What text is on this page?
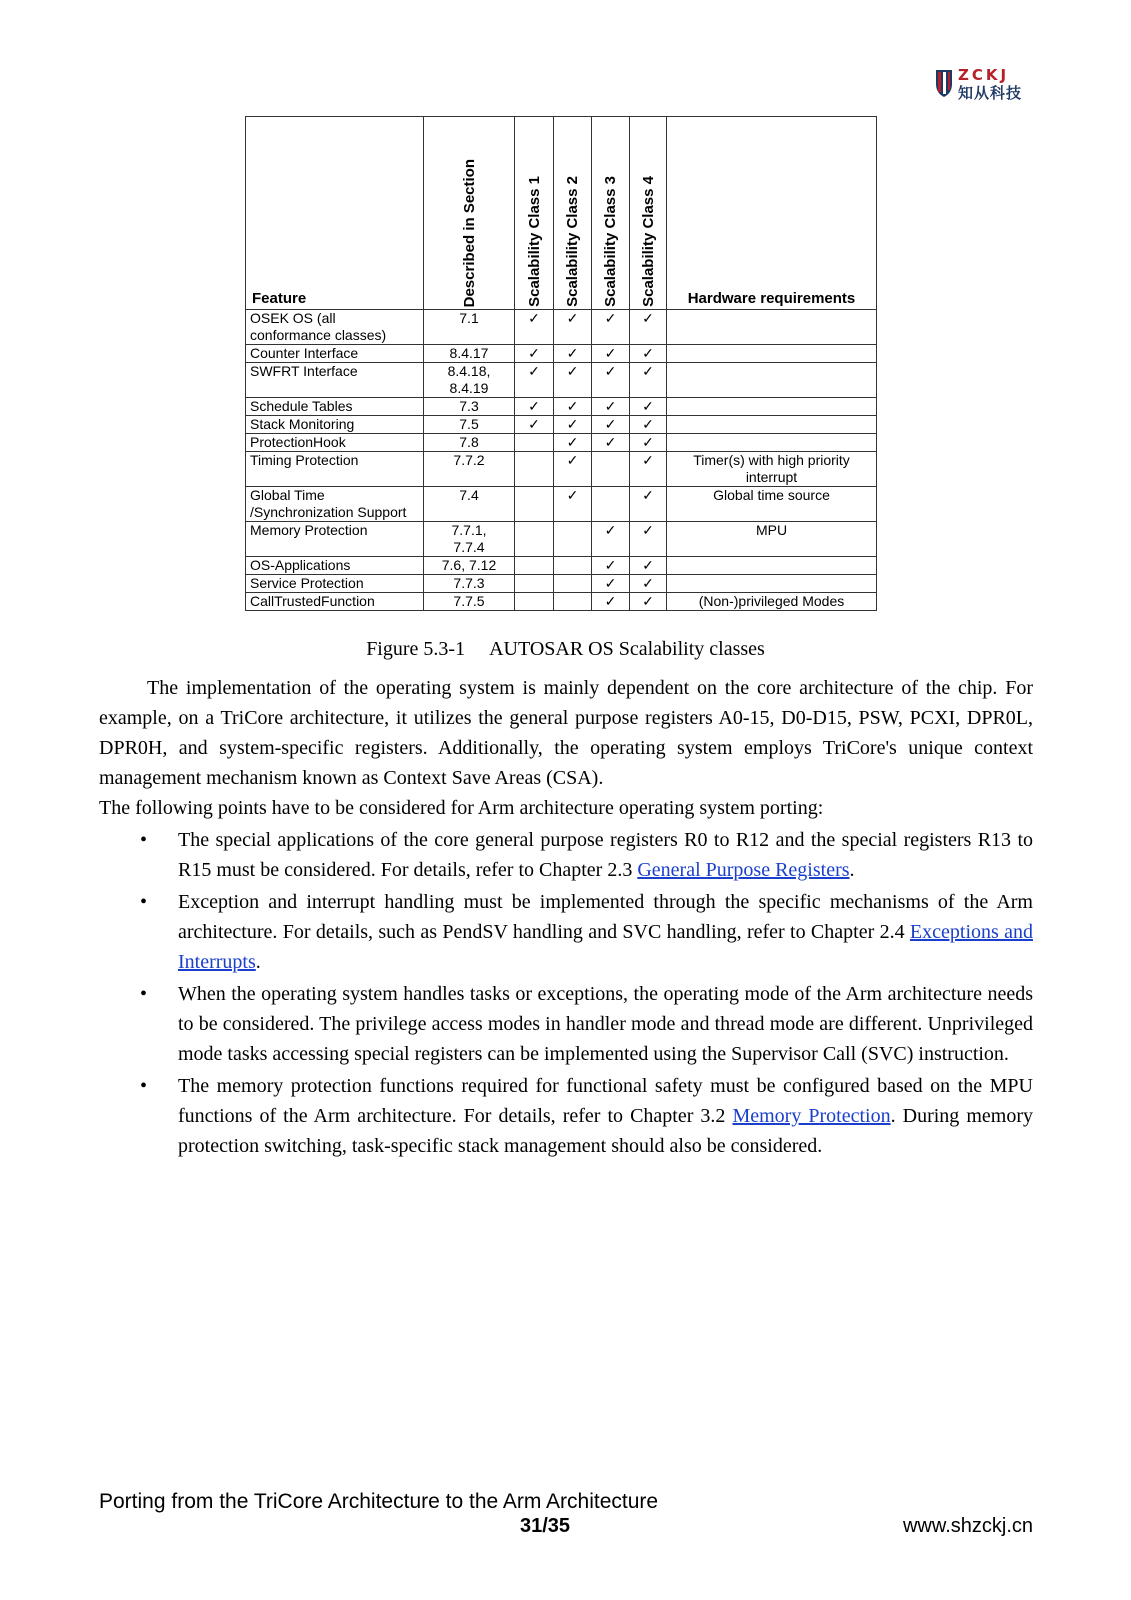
ZCKJ
知从科技
Feature	Described in Section	Scalability Class 1	Scalability Class 2	Scalability Class 3	Scalability Class 4	Hardware requirements
OSEK OS (all
conformance classes)	7.1	✓	✓	✓	✓	
Counter Interface	8.4.17	✓	✓	✓	✓	
SWFRT Interface	8.4.18,
8.4.19	✓	✓	✓	✓	
Schedule Tables	7.3	✓	✓	✓	✓	
Stack Monitoring	7.5	✓	✓	✓	✓	
ProtectionHook	7.8		✓	✓	✓	
Timing Protection	7.7.2		✓		✓	Timer(s) with high priority
interrupt
Global Time
/Synchronization Support	7.4		✓		✓	Global time source
Memory Protection	7.7.1,
7.7.4			✓	✓	MPU
OS-Applications	7.6, 7.12			✓	✓	
Service Protection	7.7.3			✓	✓	
CallTrustedFunction	7.7.5			✓	✓	(Non-)privileged Modes
Figure 5.3-1 AUTOSAR OS Scalability classes

The implementation of the operating system is mainly dependent on the core architecture of the chip. For example, on a TriCore architecture, it utilizes the general purpose registers A0-15, D0-D15, PSW, PCXI, DPR0L, DPR0H, and system-specific registers. Additionally, the operating system employs TriCore's unique context management mechanism known as Context Save Areas (CSA).

The following points have to be considered for Arm architecture operating system porting:

• The special applications of the core general purpose registers R0 to R12 and the special registers R13 to R15 must be considered. For details, refer to Chapter 2.3 General Purpose Registers.
• Exception and interrupt handling must be implemented through the specific mechanisms of the Arm architecture. For details, such as PendSV handling and SVC handling, refer to Chapter 2.4 Exceptions and Interrupts.
• When the operating system handles tasks or exceptions, the operating mode of the Arm architecture needs to be considered. The privilege access modes in handler mode and thread mode are different. Unprivileged mode tasks accessing special registers can be implemented using the Supervisor Call (SVC) instruction.
• The memory protection functions required for functional safety must be configured based on the MPU functions of the Arm architecture. For details, refer to Chapter 3.2 Memory Protection. During memory protection switching, task-specific stack management should also be considered.
Porting from the TriCore Architecture to the Arm Architecture
31/35	www.shzckj.cn
